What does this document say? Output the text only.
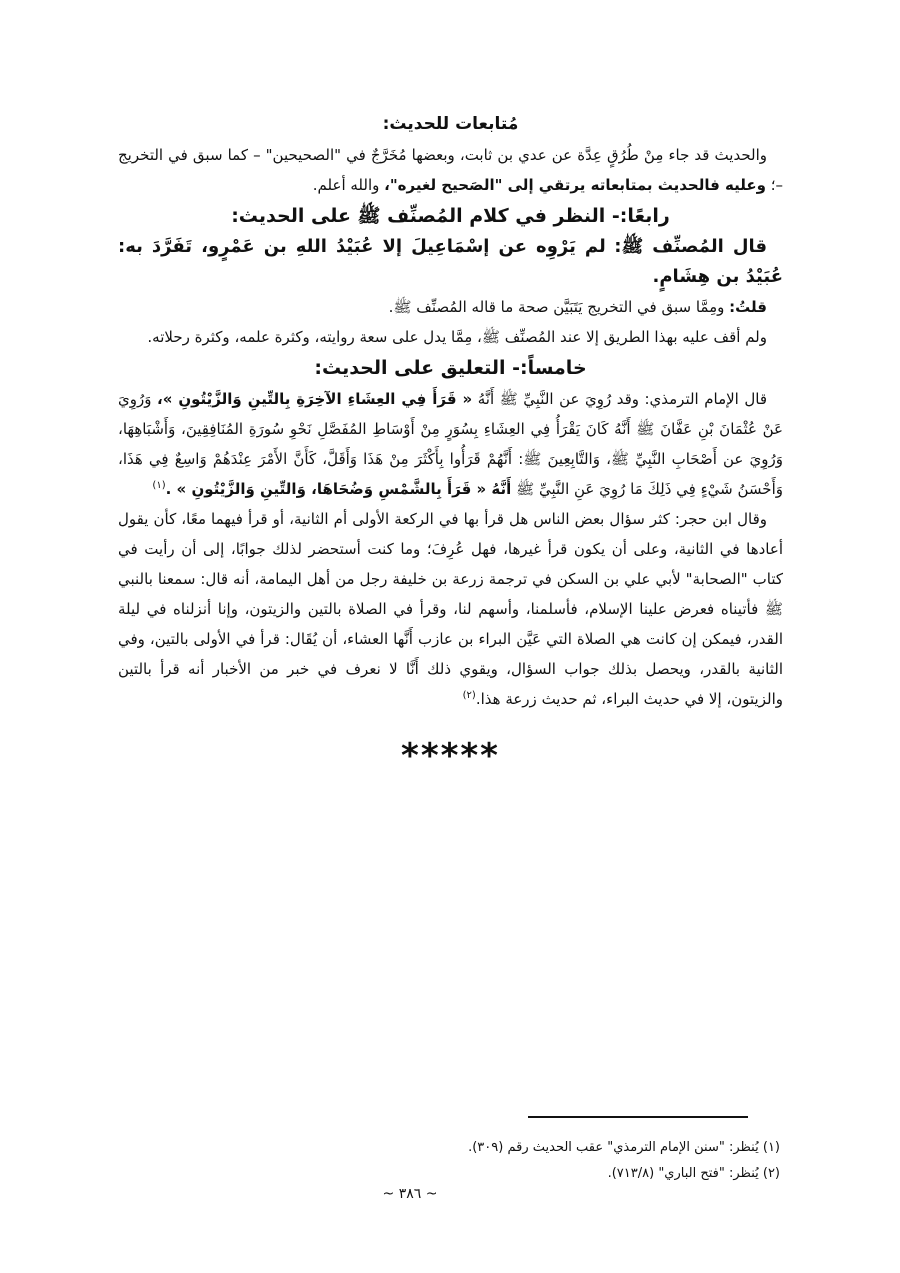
مُتابعات للحديث:

والحديث قد جاء مِنْ طُرُقٍ عِدَّة عن عدي بن ثابت، وبعضها مُخَرَّجٌ في "الصحيحين" – كما سبق في التخريج –؛ وعليه فالحديث بمتابعاته يرتقي إلى "الصَحيح لغيره"، والله أعلم.

رابعًا:- النظر في كلام المُصنِّف ﷺ على الحديث:

قال المُصنِّف ﷺ: لم يَرْوِه عن إسْمَاعِيلَ إلا عُبَيْدُ اللهِ بن عَمْرٍو، تَفَرَّدَ به: عُبَيْدُ بن هِشَامٍ.

قلتُ: ومِمَّا سبق في التخريج يَتَبَيَّن صحة ما قاله المُصنِّف ﷺ.

ولم أقف عليه بهذا الطريق إلا عند المُصنِّف ﷺ، مِمَّا يدل على سعة روايته، وكثرة علمه، وكثرة رحلاته.

خامساً:- التعليق على الحديث:

قال الإمام الترمذي: وقد رُوِيَ عن النَّبِيِّ ﷺ أَنَّهُ « قَرَأَ فِي العِشَاءِ الآخِرَةِ بِالتِّينِ وَالزَّيْتُونِ »، وَرُوِيَ عَنْ عُثْمَانَ بْنِ عَفَّانَ ﷺ أَنَّهُ كَانَ يَقْرَأُ فِي العِشَاءِ بِسُوَرٍ مِنْ أَوْسَاطِ المُفَصَّلِ نَحْوِ سُورَةِ المُنَافِقِينَ، وَأَشْبَاهِهَا، وَرُوِيَ عن أَصْحَابِ النَّبِيِّ ﷺ، وَالتَّابِعِينَ ﷺ: أَنَّهُمْ قَرَأُوا بِأَكْثَرَ مِنْ هَذَا وَأَقَلَّ، كَأَنَّ الأَمْرَ عِنْدَهُمْ وَاسِعٌ فِي هَذَا، وَأَحْسَنُ شَيْءٍ فِي ذَلِكَ مَا رُوِيَ عَنِ النَّبِيِّ ﷺ أَنَّهُ « قَرَأَ بِالشَّمْسِ وَضُحَاهَا، وَالتِّينِ وَالزَّيْتُونِ » .$^{(١)}$

وقال ابن حجر: كثر سؤال بعض الناس هل قرأ بها في الركعة الأولى أم الثانية، أو قرأ فيهما معًا، كأن يقول أعادها في الثانية، وعلى أن يكون قرأ غيرها، فهل عُرِفَ؛ وما كنت أستحضر لذلك جوابًا، إلى أن رأيت في كتاب "الصحابة" لأبي علي بن السكن في ترجمة زرعة بن خليفة رجل من أهل اليمامة، أنه قال: سمعنا بالنبي ﷺ فأتيناه فعرض علينا الإسلام، فأسلمنا، وأسهم لنا، وقرأ في الصلاة بالتين والزيتون، وإنا أنزلناه في ليلة القدر، فيمكن إن كانت هي الصلاة التي عَيَّن البراء بن عازب أَنَّها العشاء، أن يُقَال: قرأ في الأولى بالتين، وفي الثانية بالقدر، ويحصل بذلك جواب السؤال، ويقوي ذلك أَنَّا لا نعرف في خبر من الأخبار أنه قرأ بالتين والزيتون، إلا في حديث البراء، ثم حديث زرعة هذا.$^{(٢)}$

*****

(١) يُنظر: "سنن الإمام الترمذي" عقب الحديث رقم (٣٠٩).

(٢) يُنظر: "فتح الباري" (٧١٣/٨).

~ ٣٨٦ ~
